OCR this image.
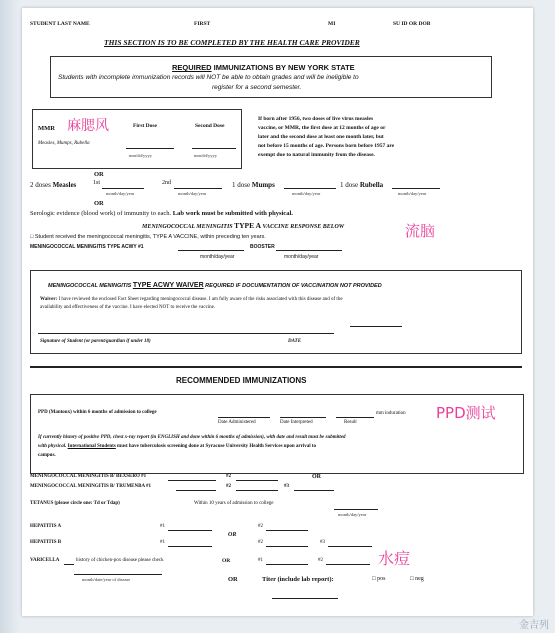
STUDENT LAST NAME	FIRST	MI	SU ID OR DOB
THIS SECTION IS TO BE COMPLETED BY THE HEALTH CARE PROVIDER
REQUIRED IMMUNIZATIONS BY NEW YORK STATE
Students with incomplete immunization records will NOT be able to obtain grades and will be ineligible to
register for a second semester.
MMR 麻腮风	First Dose	Second Dose
Measles, Mumps, Rubella
mm/dd/yyyy	mm/dd/yyyy
If born after 1956, two doses of live virus measles
vaccine, or MMR, the first dose at 12 months of age or
later and the second dose at least one month later, but
not before 15 months of age. Persons born before 1957 are
exempt due to natural immunity from the disease.
OR
2 doses Measles	1st
month/day/year
2nd
month/day/year
1 dose Mumps
month/day/year
1 dose Rubella
month/day/year
OR
Serologic evidence (blood work) of immunity to each. Lab work must be submitted with physical.
MENINGOCOCCAL MENINGITIS TYPE A VACCINE RESPONSE BELOW	流脑
□ Student received the meningococcal meningitis, TYPE A VACCINE, within preceding ten years.
MENINGOCOCCAL MENINGITIS TYPE ACWY #1	BOOSTER
month/day/year	month/day/year
MENINGOCOCCAL MENINGITIS TYPE ACWY WAIVER REQUIRED IF DOCUMENTATION OF VACCINATION NOT PROVIDED
Waiver: I have reviewed the enclosed Fact Sheet regarding meningococcal disease. I am fully aware of the risks associated with this disease and of the
availability and effectiveness of the vaccine. I have elected NOT to receive the vaccine.
Signature of Student (or parent/guardian if under 18)	DATE
RECOMMENDED IMMUNIZATIONS
PPD (Mantoux) within 6 months of admission to college	mm induration
Date Administered	Date Interpreted	Result
PPD测试
If currently history of positive PPD, chest x-ray report (in ENGLISH and done within 6 months of admission), with date and result must be submitted
with physical. International Students must have tuberculosis screening done at Syracuse University Health Services upon arrival to
campus.
MENINGOCOCCAL MENINGITIS B/ BEXSERO #1	#2	OR
MENINGOCOCCAL MENINGITIS B/ TRUMENBA #1	#2	#3
TETANUS (please circle one: Td or Tdap)	Within 10 years of admission to college
month/day/year
HEPATITIS A	#1	#2
OR
HEPATITIS B	#1	#2	#3
VARICELLA	history of chicken-pox disease please check	OR	#1	#2	水痘
month/date/year of disease	OR	Titer (include lab report):	□ pos	□ neg
金吉列
